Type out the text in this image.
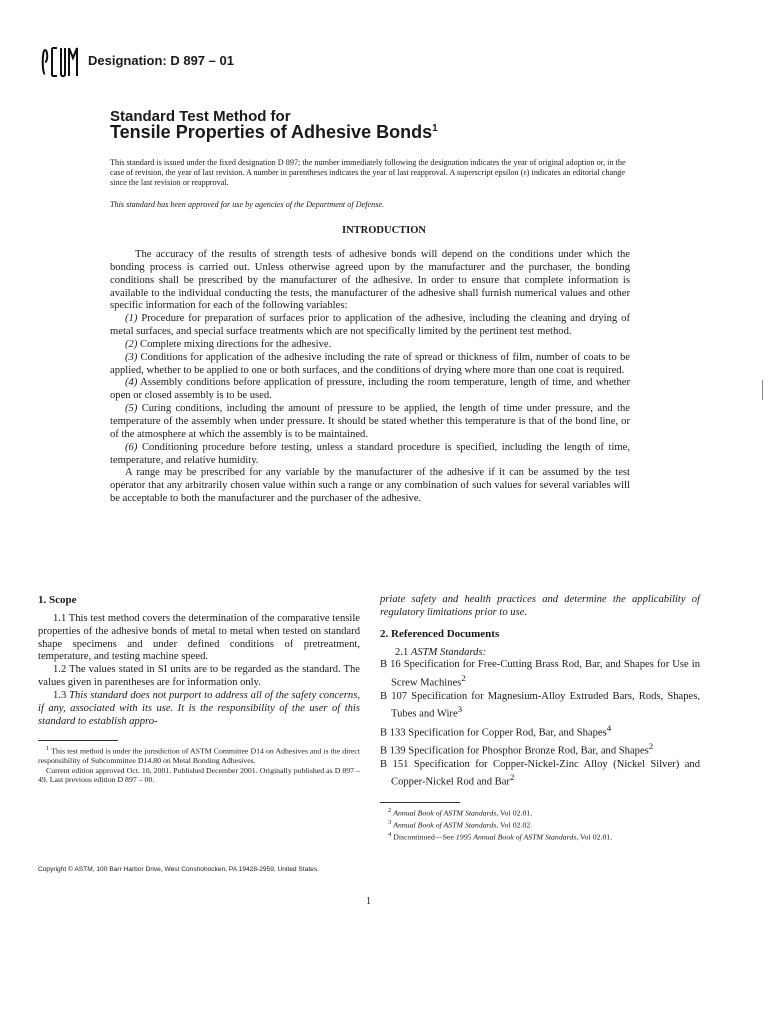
Designation: D 897 – 01
Standard Test Method for
Tensile Properties of Adhesive Bonds$^1$
This standard is issued under the fixed designation D 897; the number immediately following the designation indicates the year of original adoption or, in the case of revision, the year of last revision. A number in parentheses indicates the year of last reapproval. A superscript epsilon (ε) indicates an editorial change since the last revision or reapproval.
This standard has been approved for use by agencies of the Department of Defense.
INTRODUCTION

The accuracy of the results of strength tests of adhesive bonds will depend on the conditions under which the bonding process is carried out. Unless otherwise agreed upon by the manufacturer and the purchaser, the bonding conditions shall be prescribed by the manufacturer of the adhesive. In order to ensure that complete information is available to the individual conducting the tests, the manufacturer of the adhesive shall furnish numerical values and other specific information for each of the following variables:

(1) Procedure for preparation of surfaces prior to application of the adhesive, including the cleaning and drying of metal surfaces, and special surface treatments which are not specifically limited by the pertinent test method.

(2) Complete mixing directions for the adhesive.

(3) Conditions for application of the adhesive including the rate of spread or thickness of film, number of coats to be applied, whether to be applied to one or both surfaces, and the conditions of drying where more than one coat is required.

(4) Assembly conditions before application of pressure, including the room temperature, length of time, and whether open or closed assembly is to be used.

(5) Curing conditions, including the amount of pressure to be applied, the length of time under pressure, and the temperature of the assembly when under pressure. It should be stated whether this temperature is that of the bond line, or of the atmosphere at which the assembly is to be maintained.

(6) Conditioning procedure before testing, unless a standard procedure is specified, including the length of time, temperature, and relative humidity.

A range may be prescribed for any variable by the manufacturer of the adhesive if it can be assumed by the test operator that any arbitrarily chosen value within such a range or any combination of such values for several variables will be acceptable to both the manufacturer and the purchaser of the adhesive.

1. Scope

1.1 This test method covers the determination of the comparative tensile properties of the adhesive bonds of metal to metal when tested on standard shape specimens and under defined conditions of pretreatment, temperature, and testing machine speed.

1.2 The values stated in SI units are to be regarded as the standard. The values given in parentheses are for information only.

1.3 This standard does not purport to address all of the safety concerns, if any, associated with its use. It is the responsibility of the user of this standard to establish appro-

$^1$ This test method is under the jurisdiction of ASTM Committee D14 on Adhesives and is the direct responsibility of Subcommittee D14.80 on Metal Bonding Adhesives.

Current edition approved Oct. 10, 2001. Published December 2001. Originally published as D 897 – 49. Last previous edition D 897 – 00.

priate safety and health practices and determine the applicability of regulatory limitations prior to use.

2. Referenced Documents

2.1 ASTM Standards:

B 16 Specification for Free-Cutting Brass Rod, Bar, and Shapes for Use in Screw Machines$^2$

B 107 Specification for Magnesium-Alloy Extruded Bars, Rods, Shapes, Tubes and Wire$^3$

B 133 Specification for Copper Rod, Bar, and Shapes$^4$

B 139 Specification for Phosphor Bronze Rod, Bar, and Shapes$^2$

B 151 Specification for Copper-Nickel-Zinc Alloy (Nickel Silver) and Copper-Nickel Rod and Bar$^2$

$^2$ Annual Book of ASTM Standards, Vol 02.01.

$^3$ Annual Book of ASTM Standards, Vol 02.02.

$^4$ Discontinued—See 1995 Annual Book of ASTM Standards, Vol 02.01.

Copyright © ASTM, 100 Barr Harbor Drive, West Conshohocken, PA 19428-2959, United States.
1
